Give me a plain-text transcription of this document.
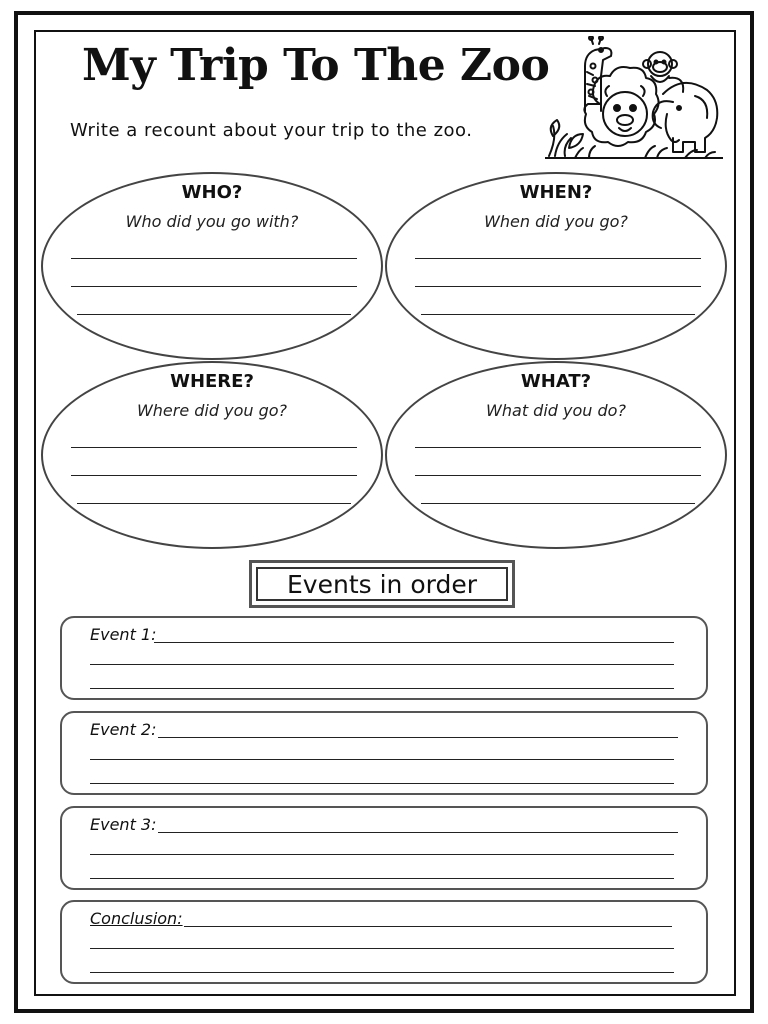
My Trip To The Zoo
Write a recount about your trip to the zoo.
WHO?
Who did you go with?
WHEN?
When did you go?
WHERE?
Where did you go?
WHAT?
What did you do?
Events in order
Event 1:
Event 2:
Event 3:
Conclusion:
